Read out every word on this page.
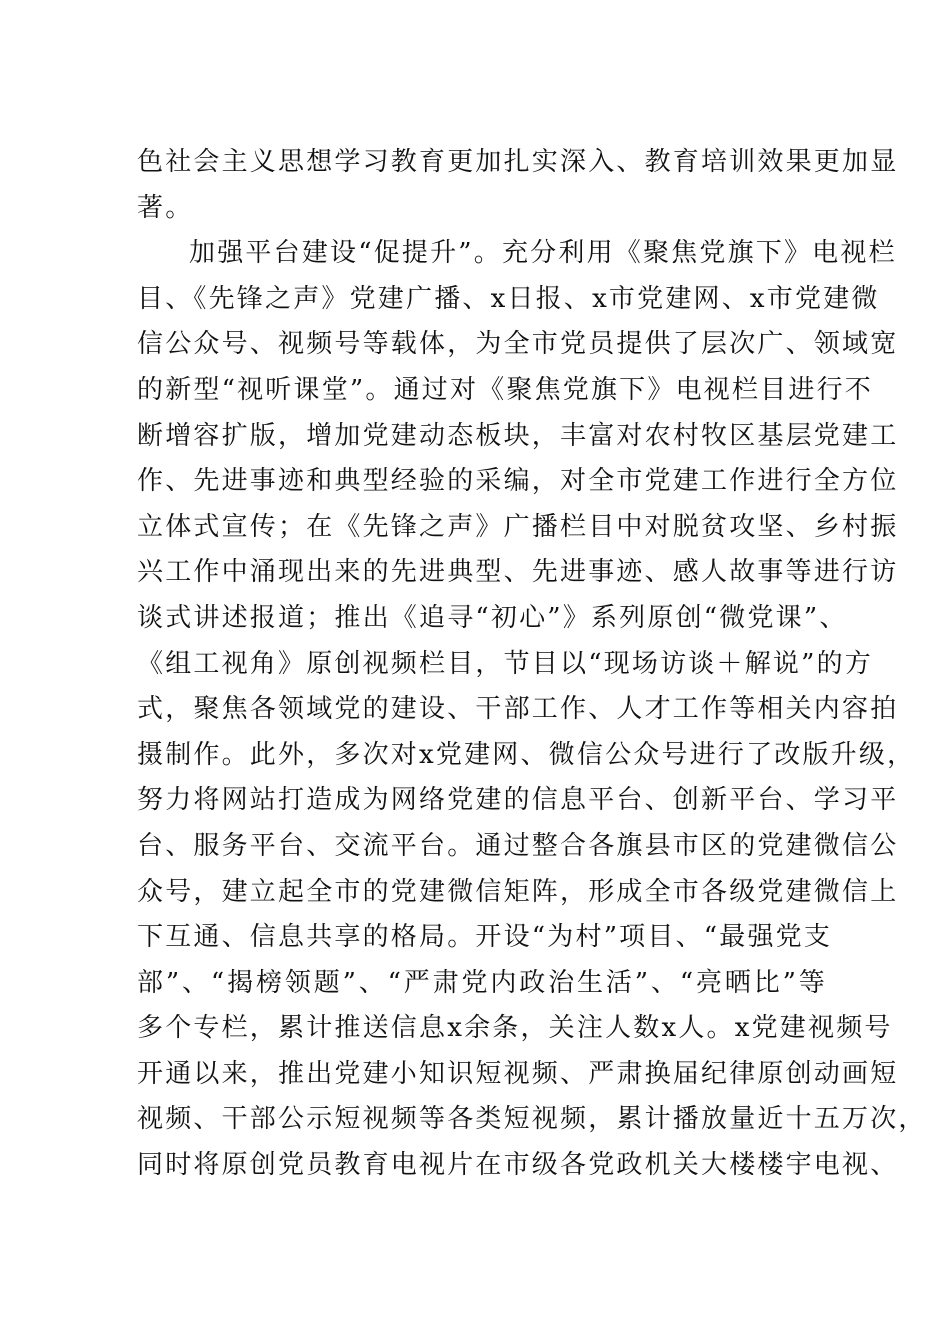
色社会主义思想学习教育更加扎实深入、教育培训效果更加显
著。
加强平台建设“促提升”。充分利用《聚焦党旗下》电视栏
目、《先锋之声》党建广播、x日报、x市党建网、x市党建微
信公众号、视频号等载体，为全市党员提供了层次广、领域宽
的新型“视听课堂”。通过对《聚焦党旗下》电视栏目进行不
断增容扩版，增加党建动态板块，丰富对农村牧区基层党建工
作、先进事迹和典型经验的采编，对全市党建工作进行全方位
立体式宣传；在《先锋之声》广播栏目中对脱贫攻坚、乡村振
兴工作中涌现出来的先进典型、先进事迹、感人故事等进行访
谈式讲述报道；推出《追寻“初心”》系列原创“微党课”、
《组工视角》原创视频栏目，节目以“现场访谈＋解说”的方
式，聚焦各领域党的建设、干部工作、人才工作等相关内容拍
摄制作。此外，多次对x党建网、微信公众号进行了改版升级，
努力将网站打造成为网络党建的信息平台、创新平台、学习平
台、服务平台、交流平台。通过整合各旗县市区的党建微信公
众号，建立起全市的党建微信矩阵，形成全市各级党建微信上
下互通、信息共享的格局。开设“为村”项目、“最强党支
部”、“揭榜领题”、“严肃党内政治生活”、“亮晒比”等
多个专栏，累计推送信息x余条，关注人数x人。x党建视频号
开通以来，推出党建小知识短视频、严肃换届纪律原创动画短
视频、干部公示短视频等各类短视频，累计播放量近十五万次，
同时将原创党员教育电视片在市级各党政机关大楼楼宇电视、
